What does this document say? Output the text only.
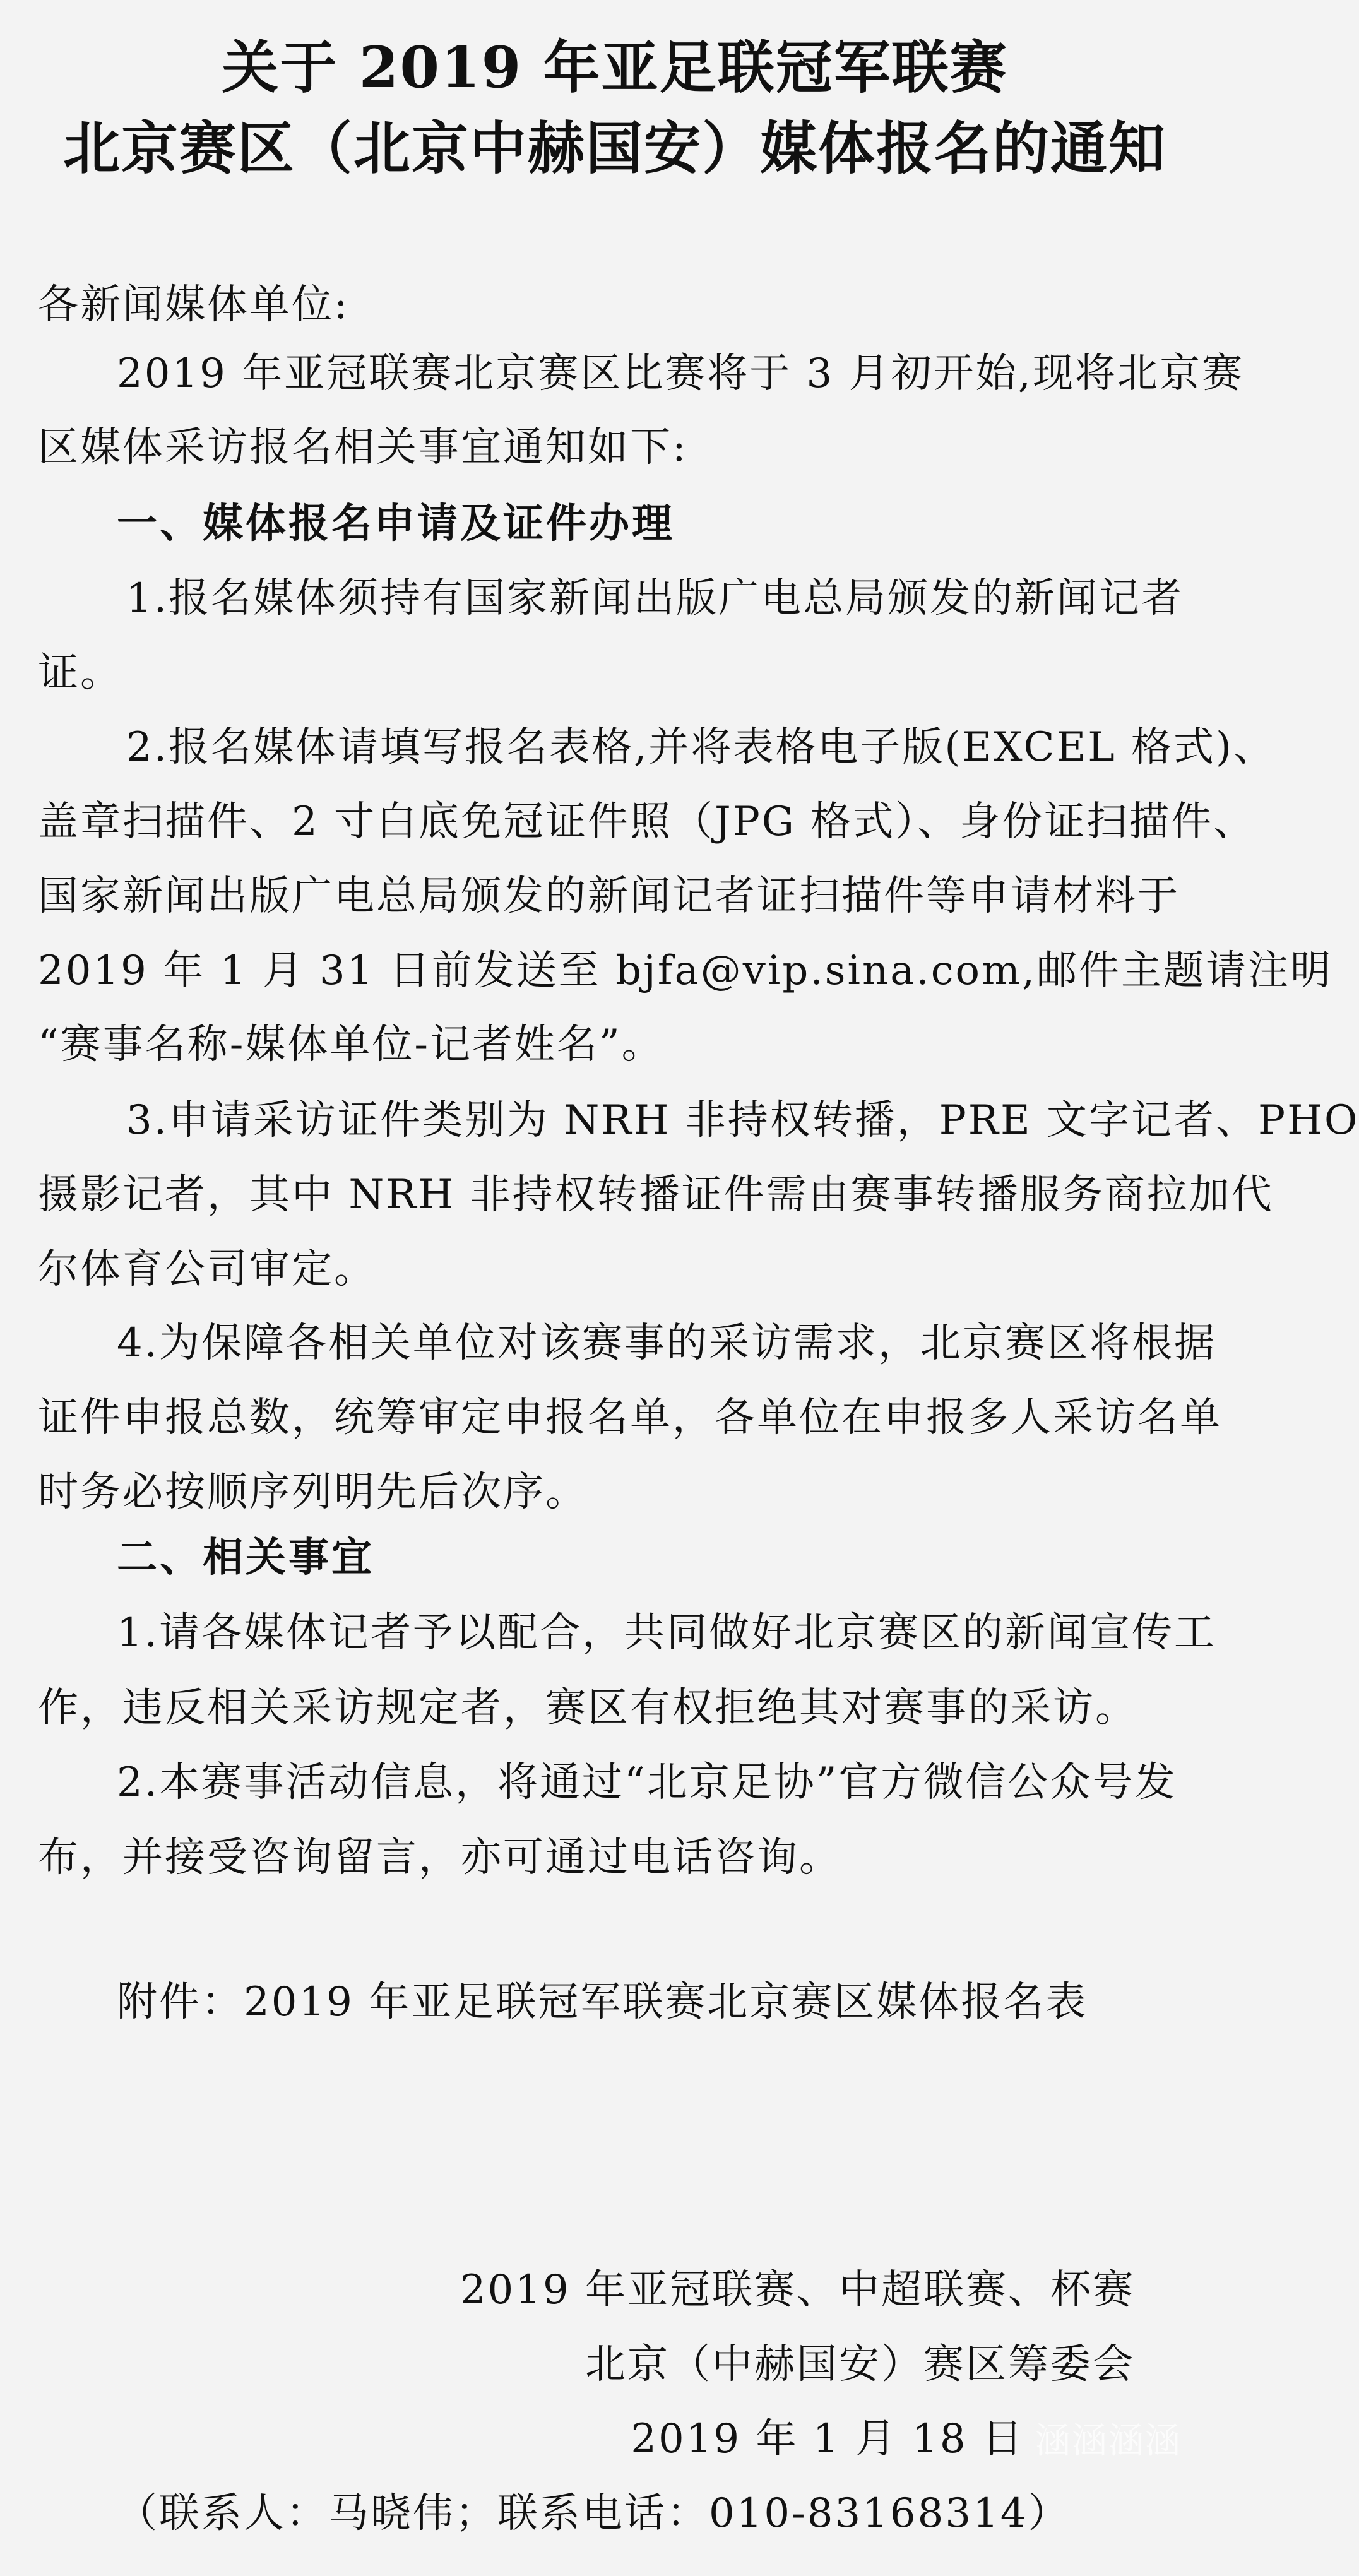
关于 2019 年亚足联冠军联赛
北京赛区（北京中赫国安）媒体报名的通知
各新闻媒体单位:
2019 年亚冠联赛北京赛区比赛将于 3 月初开始,现将北京赛
区媒体采访报名相关事宜通知如下:
一、媒体报名申请及证件办理
1.报名媒体须持有国家新闻出版广电总局颁发的新闻记者
证。
2.报名媒体请填写报名表格,并将表格电子版(EXCEL 格式)、
盖章扫描件、2 寸白底免冠证件照（JPG 格式）、身份证扫描件、
国家新闻出版广电总局颁发的新闻记者证扫描件等申请材料于
2019 年 1 月 31 日前发送至 bjfa@vip.sina.com,邮件主题请注明
“赛事名称-媒体单位-记者姓名”。
3.申请采访证件类别为 NRH 非持权转播，PRE 文字记者、PHO
摄影记者，其中 NRH 非持权转播证件需由赛事转播服务商拉加代
尔体育公司审定。
4.为保障各相关单位对该赛事的采访需求，北京赛区将根据
证件申报总数，统筹审定申报名单，各单位在申报多人采访名单
时务必按顺序列明先后次序。
二、相关事宜
1.请各媒体记者予以配合，共同做好北京赛区的新闻宣传工
作，违反相关采访规定者，赛区有权拒绝其对赛事的采访。
2.本赛事活动信息，将通过“北京足协”官方微信公众号发
布，并接受咨询留言，亦可通过电话咨询。
附件：2019 年亚足联冠军联赛北京赛区媒体报名表
2019 年亚冠联赛、中超联赛、杯赛
北京（中赫国安）赛区筹委会
2019 年 1 月 18 日
（联系人：马晓伟；联系电话：010-83168314）
涵涵涵涵
